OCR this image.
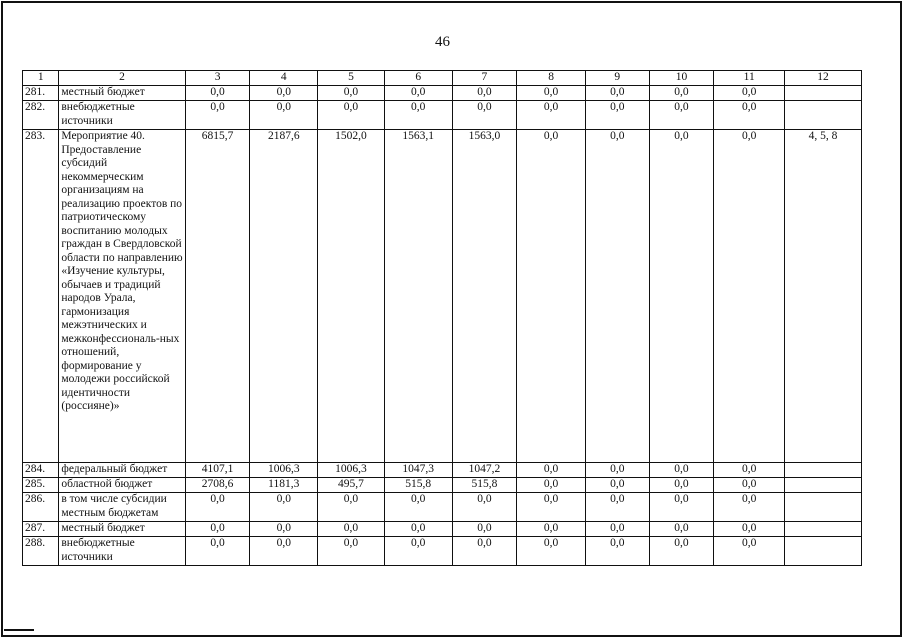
46
1	2	3	4	5	6	7	8	9	10	11	12
281.	местный бюджет	0,0	0,0	0,0	0,0	0,0	0,0	0,0	0,0	0,0	
282.	внебюджетные источники	0,0	0,0	0,0	0,0	0,0	0,0	0,0	0,0	0,0	
283.	Мероприятие 40. Предоставление субсидий некоммерческим организациям на реализацию проектов по патриотическому воспитанию молодых граждан в Свердловской области по направлению «Изучение культуры, обычаев и традиций народов Урала, гармонизация межэтнических и межконфессиональ-ных отношений, формирование у молодежи российской идентичности (россияне)»	6815,7	2187,6	1502,0	1563,1	1563,0	0,0	0,0	0,0	0,0	4, 5, 8
284.	федеральный бюджет	4107,1	1006,3	1006,3	1047,3	1047,2	0,0	0,0	0,0	0,0	
285.	областной бюджет	2708,6	1181,3	495,7	515,8	515,8	0,0	0,0	0,0	0,0	
286.	в том числе субсидии местным бюджетам	0,0	0,0	0,0	0,0	0,0	0,0	0,0	0,0	0,0	
287.	местный бюджет	0,0	0,0	0,0	0,0	0,0	0,0	0,0	0,0	0,0	
288.	внебюджетные источники	0,0	0,0	0,0	0,0	0,0	0,0	0,0	0,0	0,0	
